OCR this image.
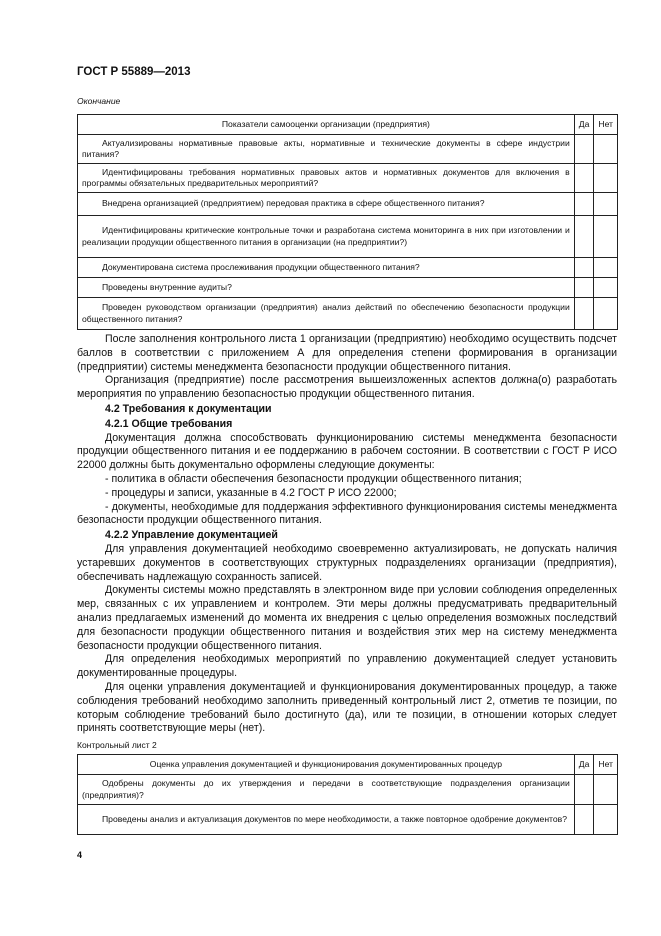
ГОСТ Р 55889—2013
Окончание
Показатели самооценки организации (предприятия)	Да	Нет
Актуализированы нормативные правовые акты, нормативные и технические документы в сфере индустрии питания?		
Идентифицированы требования нормативных правовых актов и нормативных документов для включения в программы обязательных предварительных мероприятий?		
Внедрена организацией (предприятием) передовая практика в сфере общественного питания?		
Идентифицированы критические контрольные точки и разработана система мониторинга в них при изготовлении и реализации продукции общественного питания в организации (на предприятии?)		
Документирована система прослеживания продукции общественного питания?		
Проведены внутренние аудиты?		
Проведен руководством организации (предприятия) анализ действий по обеспечению безопасности продукции общественного питания?		

После заполнения контрольного листа 1 организации (предприятию) необходимо осуществить подсчет баллов в соответствии с приложением А для определения степени формирования в организации (предприятии) системы менеджмента безопасности продукции общественного питания.

Организация (предприятие) после рассмотрения вышеизложенных аспектов должна(о) разработать мероприятия по управлению безопасностью продукции общественного питания.

4.2 Требования к документации
4.2.1 Общие требования

Документация должна способствовать функционированию системы менеджмента безопасности продукции общественного питания и ее поддержанию в рабочем состоянии. В соответствии с ГОСТ Р ИСО 22000 должны быть документально оформлены следующие документы:

- политика в области обеспечения безопасности продукции общественного питания;

- процедуры и записи, указанные в 4.2 ГОСТ Р ИСО 22000;

- документы, необходимые для поддержания эффективного функционирования системы менеджмента безопасности продукции общественного питания.

4.2.2 Управление документацией

Для управления документацией необходимо своевременно актуализировать, не допускать наличия устаревших документов в соответствующих структурных подразделениях организации (предприятия), обеспечивать надлежащую сохранность записей.

Документы системы можно представлять в электронном виде при условии соблюдения определенных мер, связанных с их управлением и контролем. Эти меры должны предусматривать предварительный анализ предлагаемых изменений до момента их внедрения с целью определения возможных последствий для безопасности продукции общественного питания и воздействия этих мер на систему менеджмента безопасности продукции общественного питания.

Для определения необходимых мероприятий по управлению документацией следует установить документированные процедуры.

Для оценки управления документацией и функционирования документированных процедур, а также соблюдения требований необходимо заполнить приведенный контрольный лист 2, отметив те позиции, по которым соблюдение требований было достигнуто (да), или те позиции, в отношении которых следует принять соответствующие меры (нет).

Контрольный лист 2
Оценка управления документацией и функционирования документированных процедур	Да	Нет
Одобрены документы до их утверждения и передачи в соответствующие подразделения организации (предприятия)?		
Проведены анализ и актуализация документов по мере необходимости, а также повторное одобрение документов?		
4
